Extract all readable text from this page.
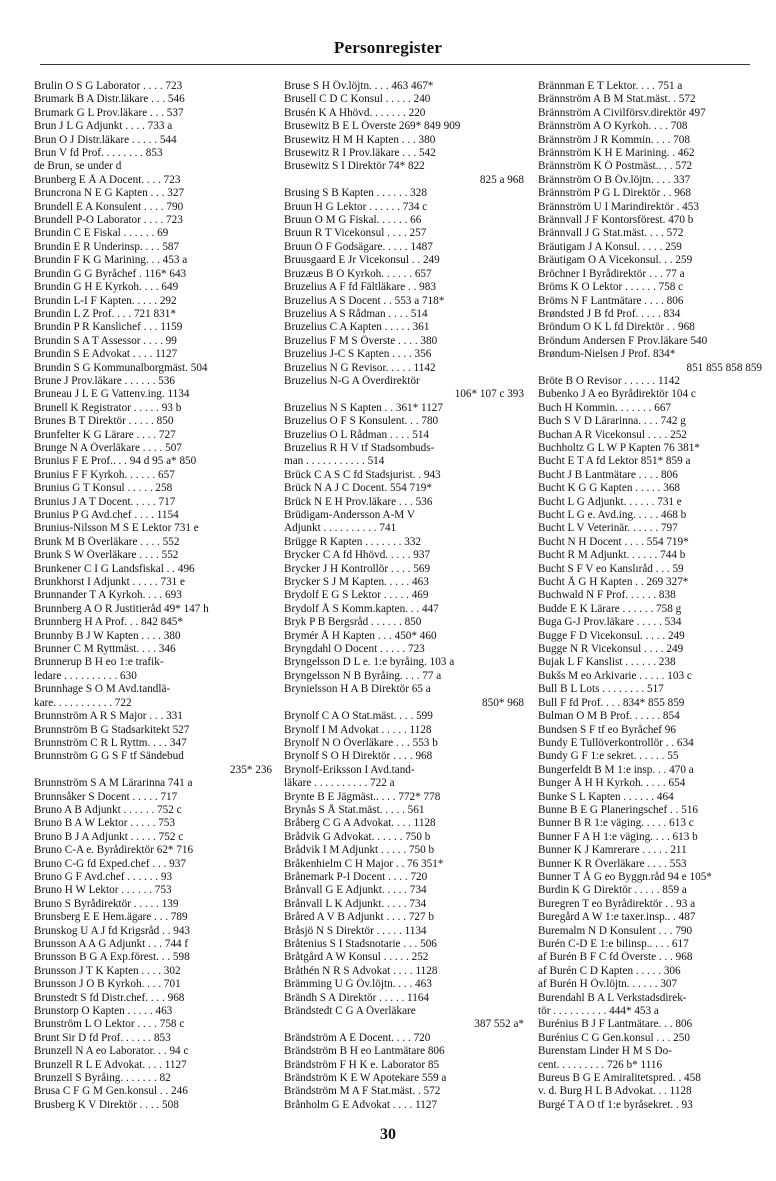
Personregister
Brulin O S G Laborator . . . . 723
Brumark B A Distr.läkare . . . 546
Brumark G L Prov.läkare . . . 537
Brun J L G Adjunkt . . . . 733 a
Brun O J Distr.läkare . . . . . 544
Brun V fd Prof. . . . . . . . 853
de Brun, se under d
Brunberg E Å A Docent. . . . 723
Bruncrona N E G Kapten . . . 327
Brundell E A Konsulent . . . . 790
Brundell P-O Laborator . . . . 723
Brundin C E Fiskal . . . . . . 69
Brundin E R Underinsp. . . . 587
Brundin F K G Marining. . . 453 a
Brundin G G Byråchef . 116* 643
Brundin G H E Kyrkoh. . . . 649
Brundin L-I F Kapten. . . . . 292
Brundin L Z Prof. . . . 721 831*
Brundin P R Kanslichef . . . 1159
Brundin S A T Assessor . . . . 99
Brundin S E Advokat . . . . 1127
Brundin S G Kommunalborgmäst. 504
Brune J Prov.läkare . . . . . . 536
Bruneau J L E G Vattenv.ing. 1134
Brunell K Registrator . . . . . 93 b
Brunes B T Direktör . . . . . 850
Brunfelter K G Lärare . . . . 727
Brunge N A Överläkare . . . . 507
Brunius F E Prof.. . . 94 d 95 a* 850
Brunius F F Kyrkoh. . . . . . 657
Brunius G T Konsul . . . . . 258
Brunius J A T Docent. . . . . 717
Brunius P G Avd.chef . . . . 1154
Brunius-Nilsson M S E Lektor 731 e
Brunk M B Överläkare . . . . 552
Brunk S W Överläkare . . . . 552
Brunkener C I G Landsfiskal . . 496
Brunkhorst I Adjunkt . . . . . 731 e
Brunnander T A Kyrkoh. . . . 693
Brunnberg A O R Justitieråd 49* 147 h
Brunnberg H A Prof. . . 842 845*
Brunnby B J W Kapten . . . . 380
Brunner C M Ryttmäst. . . . 346
Brunnerup B H eo 1:e trafik-
ledare . . . . . . . . . . 630
Brunnhage S O M Avd.tandlä-
kare. . . . . . . . . . . 722
Brunnström A R S Major . . . 331
Brunnström B G Stadsarkitekt 527
Brunnström C R L Ryttm. . . . 347
Brunnström G G S F tf Sändebud
235* 236
Brunnström S A M Lärarinna 741 a
Brunnsåker S Docent . . . . . 717
Bruno A B Adjunkt . . . . . . 752 c
Bruno B A W Lektor . . . . . 753
Bruno B J A Adjunkt . . . . . 752 c
Bruno C-A e. Byrådirektör 62* 716
Bruno C-G fd Exped.chef . . . 937
Bruno G F Avd.chef . . . . . . 93
Bruno H W Lektor . . . . . . 753
Bruno S Byrådirektör . . . . . 139
Brunsberg E E Hem.ägare . . . 789
Brunskog U A J fd Krigsråd . . 943
Brunsson A A G Adjunkt . . . 744 f
Brunsson B G A Exp.förest. . . 598
Brunsson J T K Kapten . . . . 302
Brunsson J O B Kyrkoh. . . . 701
Brunstedt S fd Distr.chef. . . . 968
Brunstorp O Kapten . . . . . 463
Brunström L O Lektor . . . . 758 c
Brunt Sir D fd Prof. . . . . . 853
Brunzell N A eo Laborator. . . 94 c
Brunzell R L E Advokat. . . . 1127
Brunzell S Byråing. . . . . . . 82
Brusa C F G M Gen.konsul . . 246
Brusberg K V Direktör . . . . 508
Bruse S H Öv.löjtn. . . . 463 467*
Brusell C D C Konsul . . . . . 240
Brusén K A Hhövd. . . . . . . 220
Brusewitz B E L Överste 269* 849 909
Brusewitz H M H Kapten . . . 380
Brusewitz R I Prov.läkare . . . 542
Brusewitz S I Direktör 74* 822
825 a 968
Brusing S B Kapten . . . . . . 328
Bruun H G Lektor . . . . . . 734 c
Bruun O M G Fiskal. . . . . . 66
Bruun R T Vicekonsul . . . . 257
Bruun Ö F Godsägare. . . . . 1487
Bruusgaard E Jr Vicekonsul . . 249
Bruzæus B O Kyrkoh. . . . . . 657
Bruzelius A F fd Fältläkare . . 983
Bruzelius A S Docent . . 553 a 718*
Bruzelius A S Rådman . . . . 514
Bruzelius C A Kapten . . . . . 361
Bruzelius F M S Överste . . . . 380
Bruzelius J-C S Kapten . . . . 356
Bruzelius N G Revisor. . . . . 1142
Bruzelius N-G A Överdirektör
106* 107 c 393
Bruzelius N S Kapten . . 361* 1127
Bruzelius O F S Konsulent. . . 780
Bruzelius O L Rådman . . . . 514
Bruzelius R H V tf Stadsombuds-
man . . . . . . . . . . . 514
Brück C A S C fd Stadsjurist. . 943
Brück N A J C Docent. 554 719*
Brück N E H Prov.läkare . . . 536
Brüdigam-Andersson A-M V
Adjunkt . . . . . . . . . . 741
Brügge R Kapten . . . . . . . 332
Brycker C A fd Hhövd. . . . . 937
Brycker J H Kontrollör . . . . 569
Brycker S J M Kapten. . . . . 463
Brydolf E G S Lektor . . . . . 469
Brydolf Å S Komm.kapten. . . 447
Bryk P B Bergsråd . . . . . . 850
Brymér Å H Kapten . . . 450* 460
Bryngdahl O Docent . . . . . 723
Bryngelsson D L e. 1:e byråing. 103 a
Bryngelsson N B Byråing. . . . 77 a
Brynielsson H A B Direktör 65 a
850* 968
Brynolf C A O Stat.mäst. . . . 599
Brynolf I M Advokat . . . . . 1128
Brynolf N O Överläkare . . . 553 b
Brynolf S O H Direktör . . . . 968
Brynolf-Eriksson I Avd.tand-
läkare . . . . . . . . . . 722 a
Brynte B E Jägmäst.. . . . 772* 778
Brynås S Å Stat.mäst. . . . . 561
Bråberg C G A Advokat. . . . 1128
Brådvik G Advokat. . . . . . 750 b
Brådvik I M Adjunkt . . . . . 750 b
Bråkenhielm C H Major . . 76 351*
Brånemark P-I Docent . . . . 720
Brånvall G E Adjunkt. . . . . 734
Brånvall L K Adjunkt. . . . . 734
Bråred A V B Adjunkt . . . . 727 b
Bråsjö N S Direktör . . . . . 1134
Bråtenius S I Stadsnotarie . . . 506
Bråtgård A W Konsul . . . . . 252
Bråthén N R S Advokat . . . . 1128
Brämming U G Öv.löjtn. . . . 463
Brändh S A Direktör . . . . . 1164
Brändstedt C G A Överläkare
387 552 a*
Brändström A E Docent. . . . 720
Brändström B H eo Lantmätare 806
Brändström F H K e. Laborator 85
Brändström K E W Apotekare 559 a
Brändström M A F Stat.mäst. . 572
Brånholm G E Advokat . . . . 1127
Brännman E T Lektor. . . . 751 a
Brännström A B M Stat.mäst. . 572
Brännström A Civilförsv.direktör 497
Brännström A O Kyrkoh. . . . 708
Brännström J R Kommin. . . . 708
Brännström K H E Marining. . 462
Brännström K Ö Postmäst.. . . 572
Brännström O B Öv.löjtn. . . . 337
Brännström P G L Direktör . . 968
Brännström U I Marindirektör . 453
Brännvall J F Kontorsförest. 470 b
Brännvall J G Stat.mäst. . . . 572
Bräutigam J A Konsul. . . . . 259
Bräutigam O A Vicekonsul. . . 259
Bröchner I Byrådirektör . . . 77 a
Bröms K O Lektor . . . . . . 758 c
Bröms N F Lantmätare . . . . 806
Brøndsted J B fd Prof. . . . . 834
Bröndum O K L fd Direktör . . 968
Bröndum Andersen F Prov.läkare 540
Brøndum-Nielsen J Prof. 834*
851 855 858 859
Bröte B O Revisor . . . . . . 1142
Bubenko J A eo Byrådirektör 104 c
Buch H Kommin. . . . . . . 667
Buch S V D Lärarinna. . . . 742 g
Buchan A R Vicekonsul . . . . 252
Buchholtz G L W P Kapten 76 381*
Bucht E T A fd Lektor 851* 859 a
Bucht J B Lantmätare . . . . 806
Bucht K G G Kapten . . . . . 368
Bucht L G Adjunkt. . . . . . 731 e
Bucht L G e. Avd.ing. . . . . 468 b
Bucht L V Veterinär. . . . . . 797
Bucht N H Docent . . . . 554 719*
Bucht R M Adjunkt. . . . . . 744 b
Bucht S F V eo Kanslıråd . . . 59
Bucht Å G H Kapten . . 269 327*
Buchwald N F Prof. . . . . . 838
Budde E K Lärare . . . . . . 758 g
Buga G-J Prov.läkare . . . . . 534
Bugge F D Vicekonsul. . . . . 249
Bugge N R Vicekonsul . . . . 249
Bujak L F Kanslist . . . . . . 238
Bukšs M eo Arkivarie . . . . . 103 c
Bull B L Lots . . . . . . . . 517
Bull F fd Prof. . . . 834* 855 859
Bulman O M B Prof. . . . . . 854
Bundsen S F tf eo Byråchef 96
Bundy E Tullöverkontrollör . . 634
Bundy G F 1:e sekret. . . . . . 55
Bungerfeldt B M 1:e insp. . . 470 a
Bunger Å H H Kyrkoh. . . . . 654
Bunke S L Kapten . . . . . . 464
Bunne B E G Planeringschef . . 516
Bunner B R 1:e väging. . . . . 613 c
Bunner F A H 1:e väging. . . . 613 b
Bunner K J Kamrerare . . . . . 211
Bunner K R Överläkare . . . . 553
Bunner T Å G eo Byggn.råd 94 e 105*
Burdin K G Direktör . . . . . 859 a
Buregren T eo Byrådirektör . . 93 a
Buregård A W 1:e taxer.insp.. . 487
Buremalm N D Konsulent . . . 790
Burén C-D E 1:e bilinsp.. . . . 617
af Burén B F C fd Överste . . . 968
af Burén C D Kapten . . . . . 306
af Burén H Öv.löjtn. . . . . . 307
Burendahl B A L Verkstadsdirek-
tör . . . . . . . . . . 444* 453 a
Burénius B J F Lantmätare. . . 806
Burénius C G Gen.konsul . . . 250
Burenstam Linder H M S Do-
cent. . . . . . . . . 726 b* 1116
Bureus B G E Amiralitetspred. . 458
v. d. Burg H L B Advokat. . . 1128
Burgé T A O tf 1:e byråsekret. . 93
30
